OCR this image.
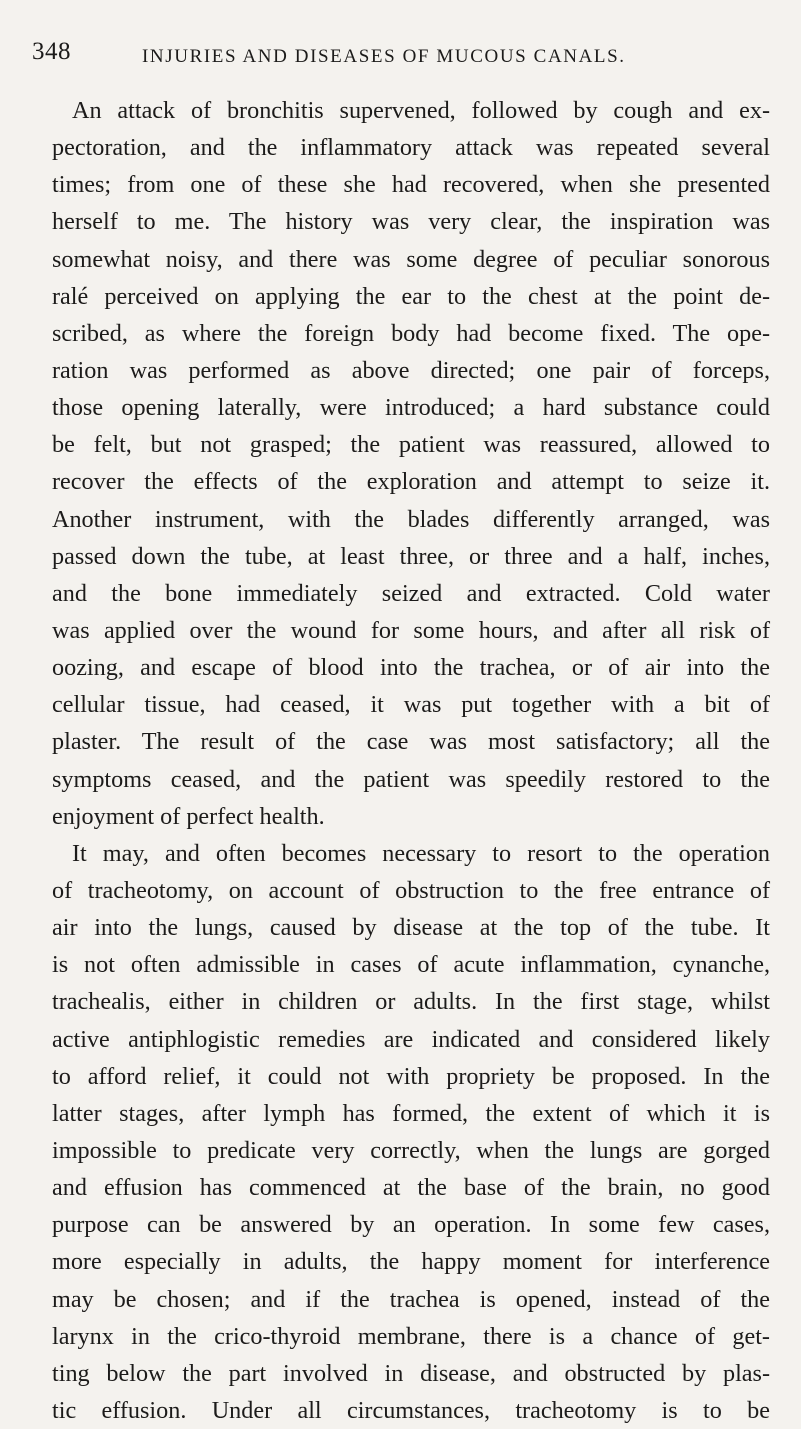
348	INJURIES AND DISEASES OF MUCOUS CANALS.
An attack of bronchitis supervened, followed by cough and ex-
pectoration, and the inflammatory attack was repeated several
times; from one of these she had recovered, when she presented
herself to me. The history was very clear, the inspiration was
somewhat noisy, and there was some degree of peculiar sonorous
ralé perceived on applying the ear to the chest at the point de-
scribed, as where the foreign body had become fixed. The ope-
ration was performed as above directed; one pair of forceps,
those opening laterally, were introduced; a hard substance could
be felt, but not grasped; the patient was reassured, allowed to
recover the effects of the exploration and attempt to seize it.
Another instrument, with the blades differently arranged, was
passed down the tube, at least three, or three and a half, inches,
and the bone immediately seized and extracted. Cold water
was applied over the wound for some hours, and after all risk of
oozing, and escape of blood into the trachea, or of air into the
cellular tissue, had ceased, it was put together with a bit of
plaster. The result of the case was most satisfactory; all the
symptoms ceased, and the patient was speedily restored to the
enjoyment of perfect health.
It may, and often becomes necessary to resort to the operation
of tracheotomy, on account of obstruction to the free entrance of
air into the lungs, caused by disease at the top of the tube. It
is not often admissible in cases of acute inflammation, cynanche,
trachealis, either in children or adults. In the first stage, whilst
active antiphlogistic remedies are indicated and considered likely
to afford relief, it could not with propriety be proposed. In the
latter stages, after lymph has formed, the extent of which it is
impossible to predicate very correctly, when the lungs are gorged
and effusion has commenced at the base of the brain, no good
purpose can be answered by an operation. In some few cases,
more especially in adults, the happy moment for interference
may be chosen; and if the trachea is opened, instead of the
larynx in the crico-thyroid membrane, there is a chance of get-
ting below the part involved in disease, and obstructed by plas-
tic effusion. Under all circumstances, tracheotomy is to be
